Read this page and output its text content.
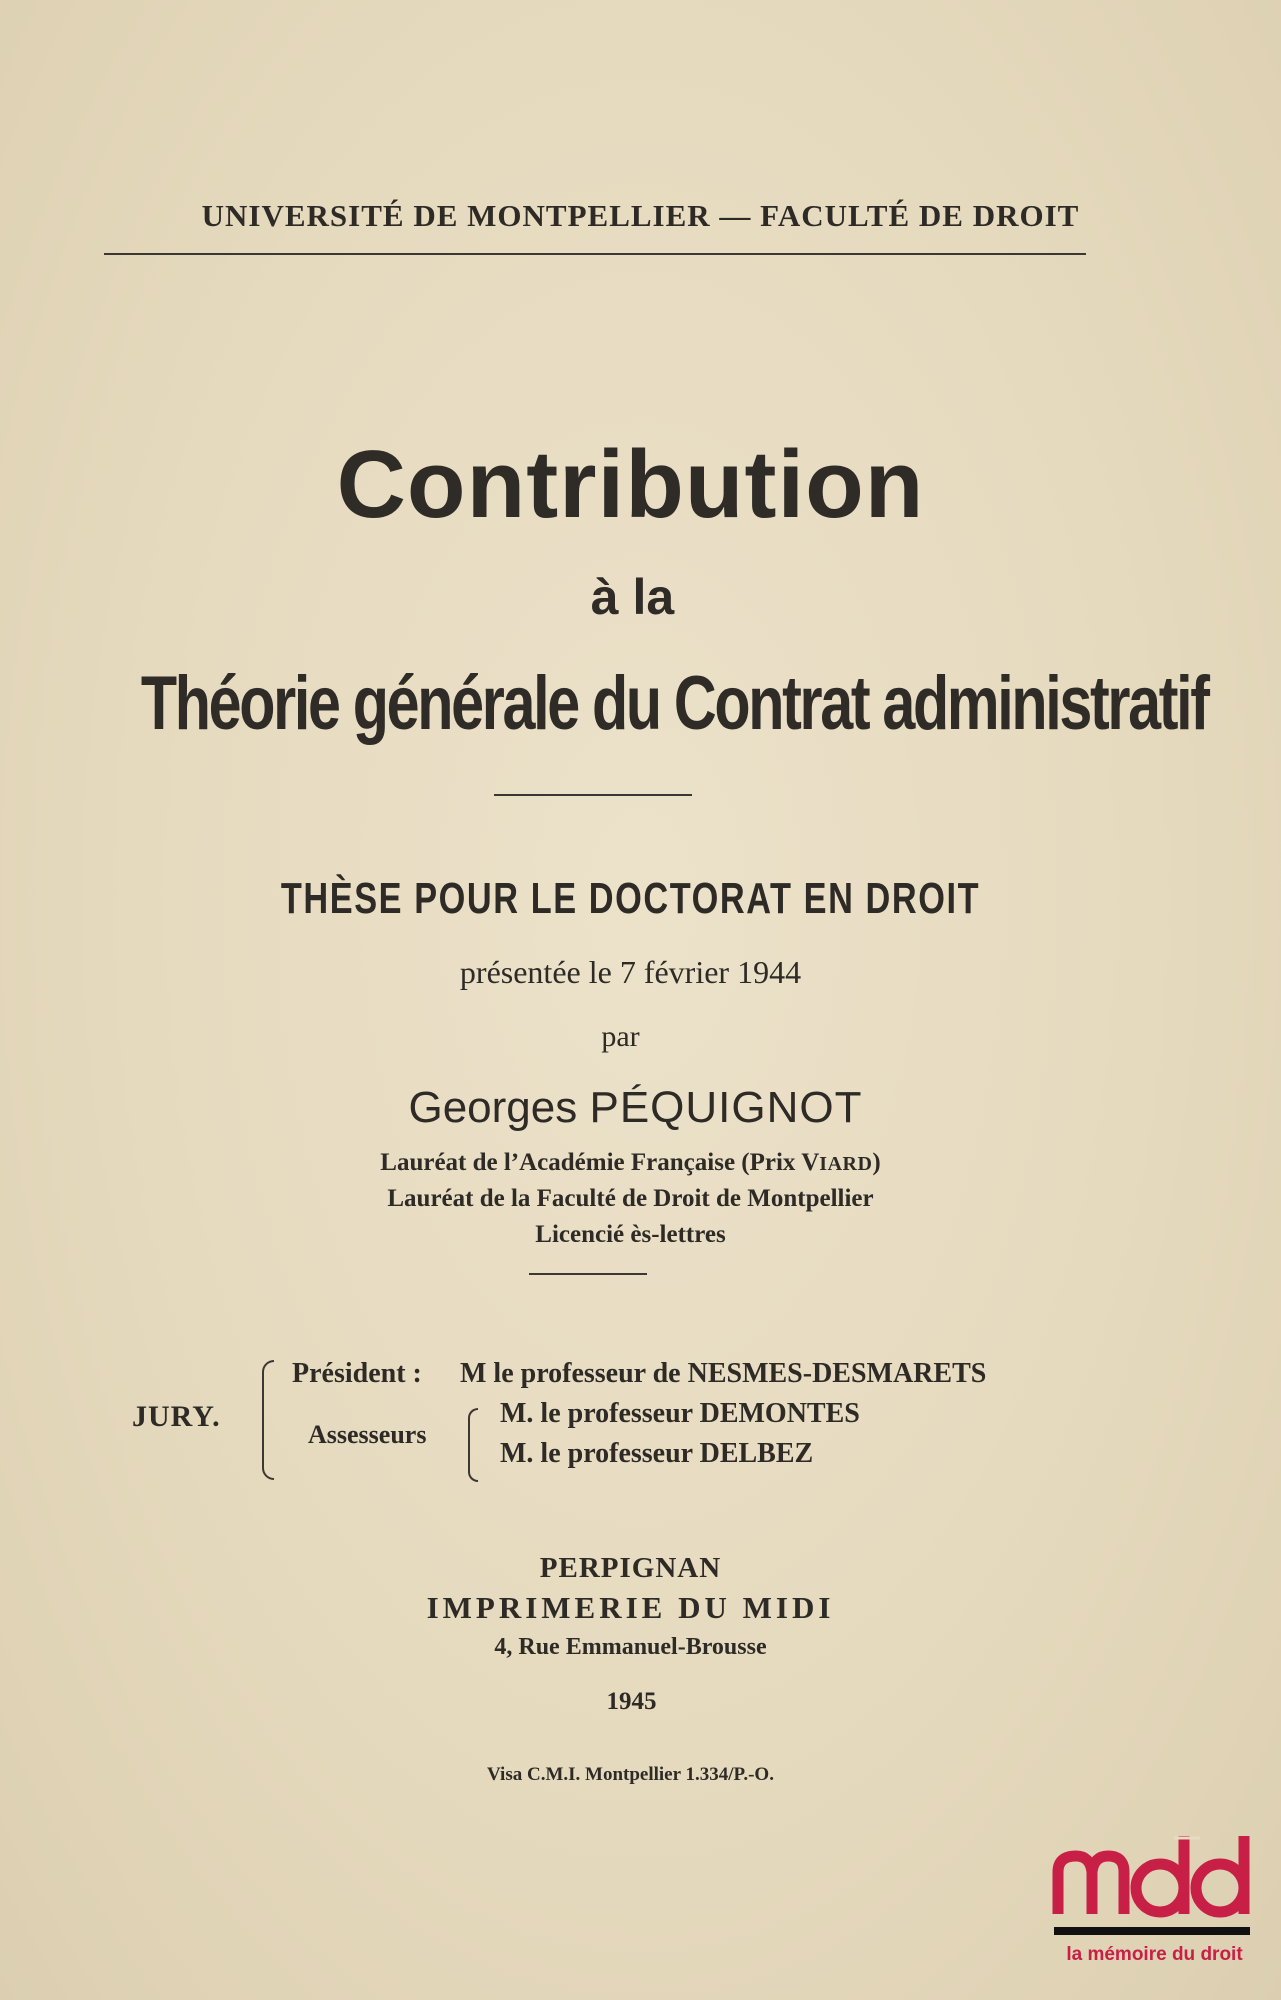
UNIVERSITÉ DE MONTPELLIER — FACULTÉ DE DROIT
Contribution
à la
Théorie générale du Contrat administratif
THÈSE POUR LE DOCTORAT EN DROIT
présentée le 7 février 1944
par
Georges PÉQUIGNOT
Lauréat de l’Académie Française (Prix VIARD)
Lauréat de la Faculté de Droit de Montpellier
Licencié ès-lettres
JURY.
Président : M le professeur de NESMES-DESMARETS
Assesseurs
M. le professeur DEMONTES
M. le professeur DELBEZ
PERPIGNAN
IMPRIMERIE DU MIDI
4, Rue Emmanuel-Brousse
1945
Visa C.M.I. Montpellier 1.334/P.-O.
la mémoire du droit
